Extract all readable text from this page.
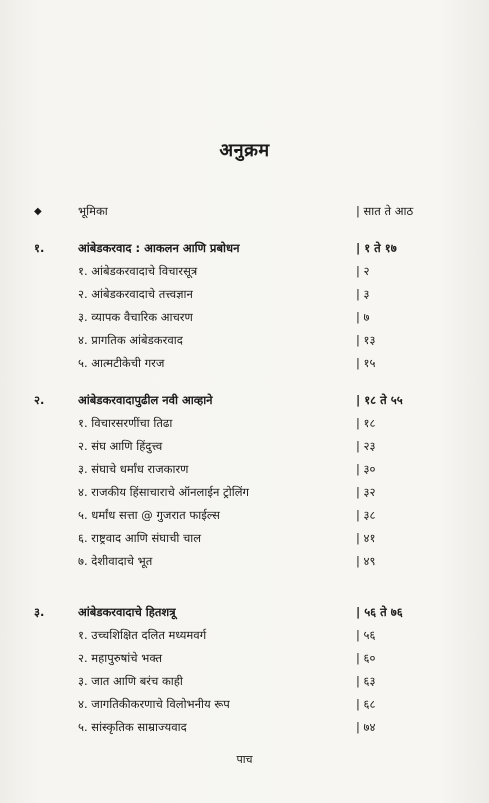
अनुक्रम
◆	भूमिका	| सात ते आठ
१.	आंबेडकरवाद : आकलन आणि प्रबोधन	| १ ते १७
१. आंबेडकरवादाचे विचारसूत्र	| २
२. आंबेडकरवादाचे तत्त्वज्ञान	| ३
३. व्यापक वैचारिक आचरण	| ७
४. प्रागतिक आंबेडकरवाद	| १३
५. आत्मटीकेची गरज	| १५
२.	आंबेडकरवादापुढील नवी आव्हाने	| १८ ते ५५
१. विचारसरणींचा तिढा	| १८
२. संघ आणि हिंदुत्त्व	| २३
३. संघाचे धर्मांध राजकारण	| ३०
४. राजकीय हिंसाचाराचे ऑनलाईन ट्रोलिंग	| ३२
५. धर्मांध सत्ता @ गुजरात फाईल्स	| ३८
६. राष्ट्रवाद आणि संघाची चाल	| ४१
७. देशीवादाचे भूत	| ४९
३.	आंबेडकरवादाचे हितशत्रू	| ५६ ते ७६
१. उच्चशिक्षित दलित मध्यमवर्ग	| ५६
२. महापुरुषांचे भक्त	| ६०
३. जात आणि बरंच काही	| ६३
४. जागतिकीकरणाचे विलोभनीय रूप	| ६८
५. सांस्कृतिक साम्राज्यवाद	| ७४
पाच
